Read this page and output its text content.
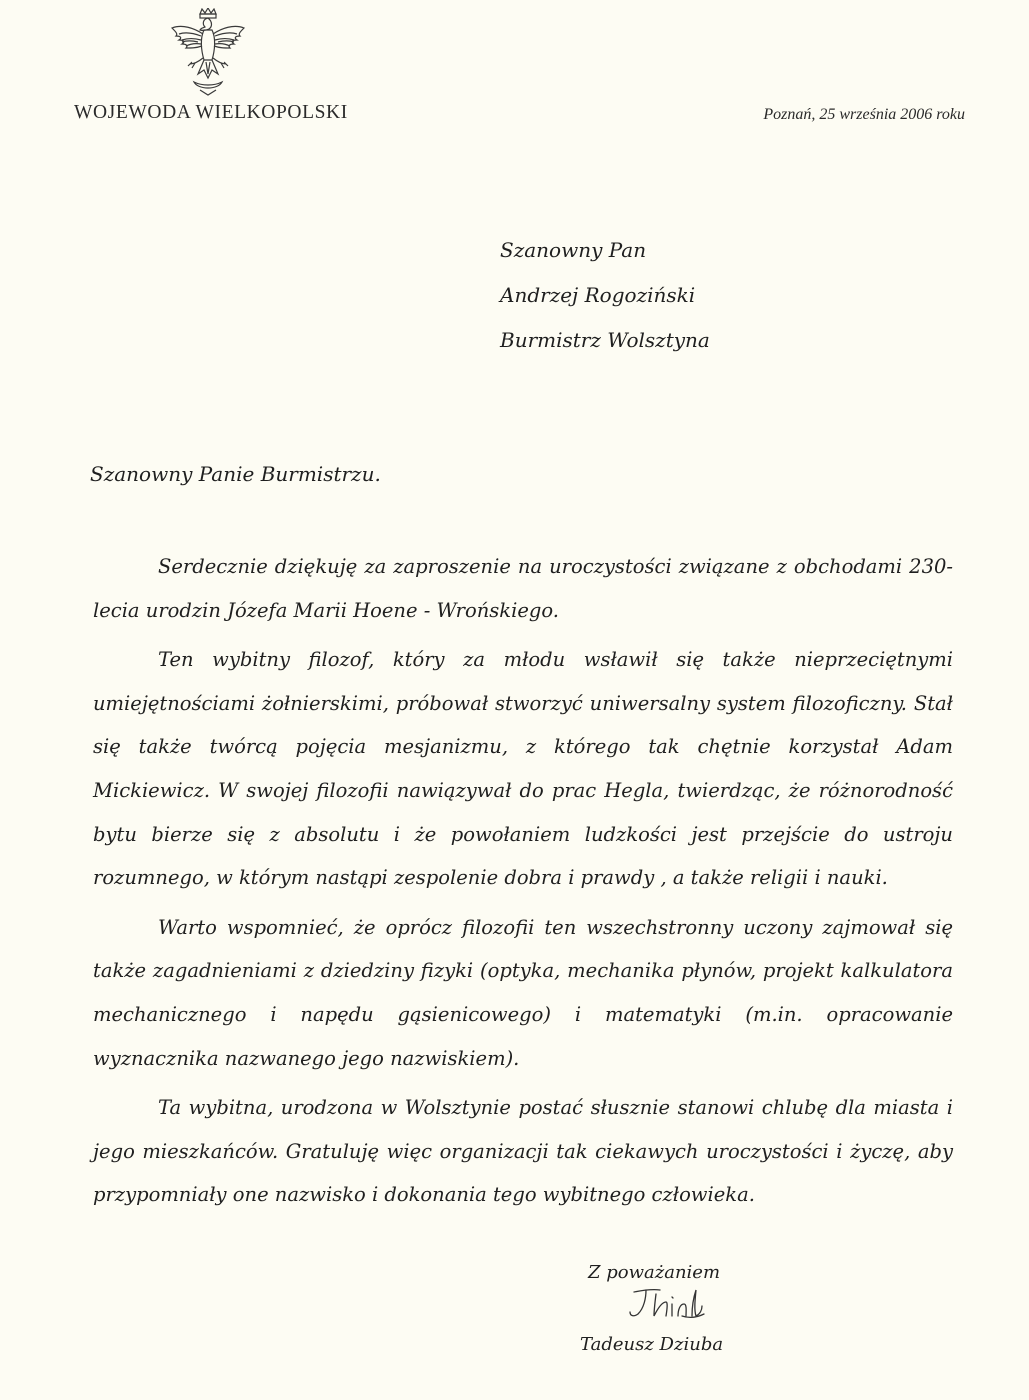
WOJEWODA WIELKOPOLSKI	Poznań, 25 września 2006 roku
Szanowny Pan
Andrzej Rogoziński
Burmistrz Wolsztyna
Szanowny Panie Burmistrzu.

Serdecznie dziękuję za zaproszenie na uroczystości związane z obchodami 230-lecia urodzin Józefa Marii Hoene - Wrońskiego.

Ten wybitny filozof, który za młodu wsławił się także nieprzeciętnymi umiejętnościami żołnierskimi, próbował stworzyć uniwersalny system filozoficzny. Stał się także twórcą pojęcia mesjanizmu, z którego tak chętnie korzystał Adam Mickiewicz. W swojej filozofii nawiązywał do prac Hegla, twierdząc, że różnorodność bytu bierze się z absolutu i że powołaniem ludzkości jest przejście do ustroju rozumnego, w którym nastąpi zespolenie dobra i prawdy , a także religii i nauki.

Warto wspomnieć, że oprócz filozofii ten wszechstronny uczony zajmował się także zagadnieniami z dziedziny fizyki (optyka, mechanika płynów, projekt kalkulatora mechanicznego i napędu gąsienicowego) i matematyki (m.in. opracowanie wyznacznika nazwanego jego nazwiskiem).

Ta wybitna, urodzona w Wolsztynie postać słusznie stanowi chlubę dla miasta i jego mieszkańców. Gratuluję więc organizacji tak ciekawych uroczystości i życzę, aby przypomniały one nazwisko i dokonania tego wybitnego człowieka.

Z poważaniem
Tadeusz Dziuba
